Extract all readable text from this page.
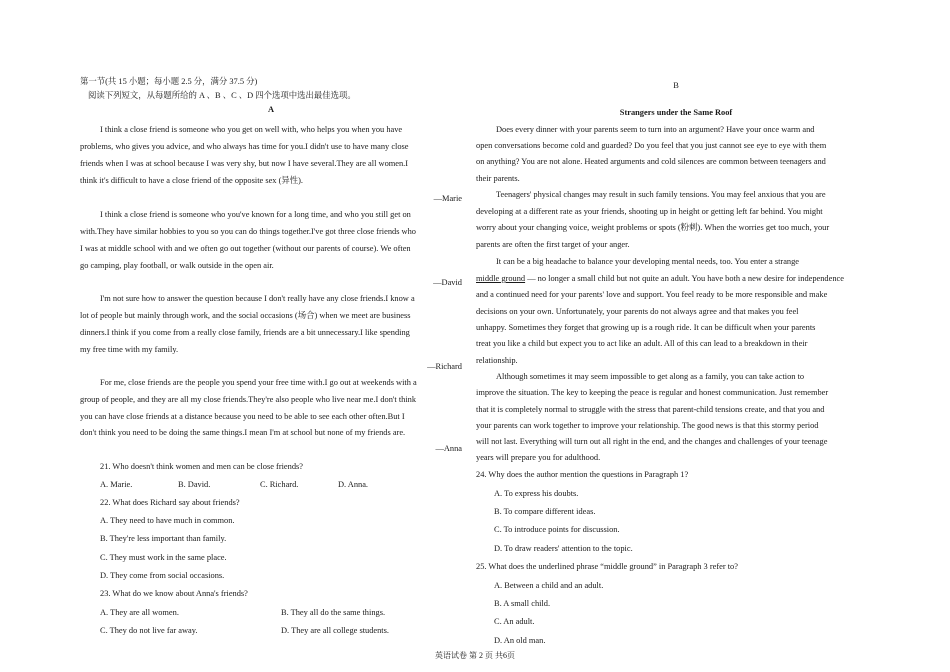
第一节(共 15 小题；每小题 2.5 分，满分 37.5 分)
阅读下列短文，从每题所给的 A 、B 、C 、D 四个选项中选出最佳选项。
A
I think a close friend is someone who you get on well with, who helps you when you have
problems, who gives you advice, and who always has time for you.I didn't use to have many close
friends when I was at school because I was very shy, but now I have several.They are all women.I
think it's difficult to have a close friend of the opposite sex (异性).
—Marie
I think a close friend is someone who you've known for a long time, and who you still get on
with.They have similar hobbies to you so you can do things together.I've got three close friends who
I was at middle school with and we often go out together (without our parents of course). We often
go camping, play football, or walk outside in the open air.
—David
I'm not sure how to answer the question because I don't really have any close friends.I know a
lot of people but mainly through work, and the social occasions (场合) when we meet are business
dinners.I think if you come from a really close family, friends are a bit unnecessary.I like spending
my free time with my family.
—Richard
For me, close friends are the people you spend your free time with.I go out at weekends with a
group of people, and they are all my close friends.They're also people who live near me.I don't think
you can have close friends at a distance because you need to be able to see each other often.But I
don't think you need to be doing the same things.I mean I'm at school but none of my friends are.
—Anna
21. Who doesn't think women and men can be close friends?
A. Marie.	B. David.	C. Richard.	D. Anna.
22. What does Richard say about friends?
A. They need to have much in common.
B. They're less important than family.
C. They must work in the same place.
D. They come from social occasions.
23. What do we know about Anna's friends?
A. They are all women.	B. They all do the same things.
C. They do not live far away.	D. They are all college students.
B
Strangers under the Same Roof
Does every dinner with your parents seem to turn into an argument? Have your once warm and
open conversations become cold and guarded? Do you feel that you just cannot see eye to eye with them
on anything? You are not alone. Heated arguments and cold silences are common between teenagers and
their parents.
Teenagers' physical changes may result in such family tensions. You may feel anxious that you are
developing at a different rate as your friends, shooting up in height or getting left far behind. You might
worry about your changing voice, weight problems or spots (粉刺). When the worries get too much, your
parents are often the first target of your anger.
It can be a big headache to balance your developing mental needs, too. You enter a strange
middle ground — no longer a small child but not quite an adult. You have both a new desire for independence
and a continued need for your parents' love and support. You feel ready to be more responsible and make
decisions on your own. Unfortunately, your parents do not always agree and that makes you feel
unhappy. Sometimes they forget that growing up is a rough ride. It can be difficult when your parents
treat you like a child but expect you to act like an adult. All of this can lead to a breakdown in their
relationship.
Although sometimes it may seem impossible to get along as a family, you can take action to
improve the situation. The key to keeping the peace is regular and honest communication. Just remember
that it is completely normal to struggle with the stress that parent-child tensions create, and that you and
your parents can work together to improve your relationship. The good news is that this stormy period
will not last. Everything will turn out all right in the end, and the changes and challenges of your teenage
years will prepare you for adulthood.
24. Why does the author mention the questions in Paragraph 1?
A. To express his doubts.
B. To compare different ideas.
C. To introduce points for discussion.
D. To draw readers' attention to the topic.
25. What does the underlined phrase “middle ground” in Paragraph 3 refer to?
A. Between a child and an adult.
B. A small child.
C. An adult.
D. An old man.
英语试卷 第 2 页 共6页
